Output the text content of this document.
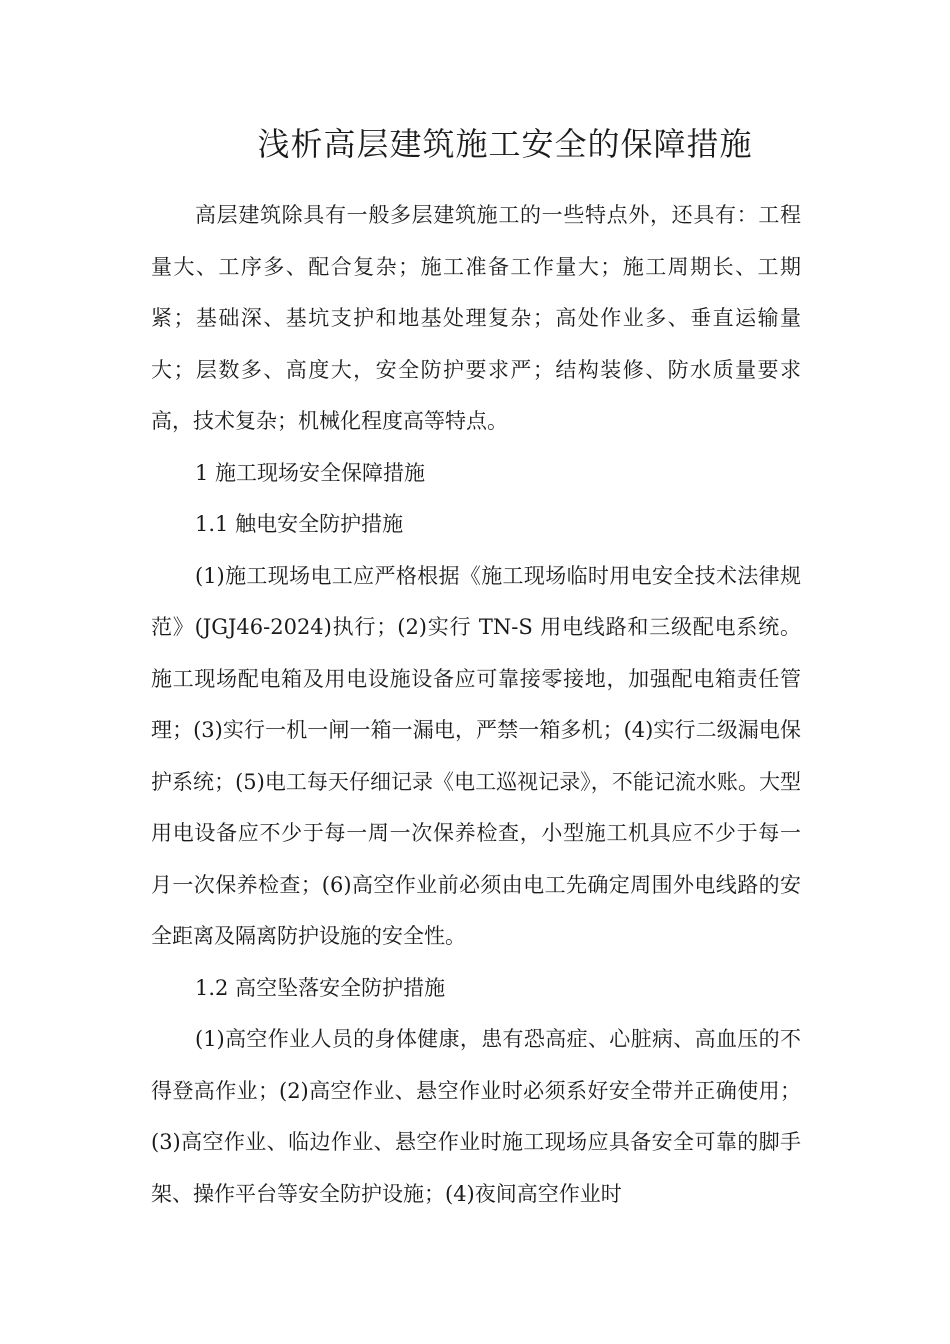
浅析高层建筑施工安全的保障措施

高层建筑除具有一般多层建筑施工的一些特点外，还具有：工程量大、工序多、配合复杂；施工准备工作量大；施工周期长、工期紧；基础深、基坑支护和地基处理复杂；高处作业多、垂直运输量大；层数多、高度大，安全防护要求严；结构装修、防水质量要求高，技术复杂；机械化程度高等特点。

1 施工现场安全保障措施

1.1 触电安全防护措施

(1)施工现场电工应严格根据《施工现场临时用电安全技术法律规范》(JGJ46-2024)执行；(2)实行 TN-S 用电线路和三级配电系统。施工现场配电箱及用电设施设备应可靠接零接地，加强配电箱责任管理；(3)实行一机一闸一箱一漏电，严禁一箱多机；(4)实行二级漏电保护系统；(5)电工每天仔细记录《电工巡视记录》，不能记流水账。大型用电设备应不少于每一周一次保养检查，小型施工机具应不少于每一月一次保养检查；(6)高空作业前必须由电工先确定周围外电线路的安全距离及隔离防护设施的安全性。

1.2 高空坠落安全防护措施

(1)高空作业人员的身体健康，患有恐高症、心脏病、高血压的不得登高作业；(2)高空作业、悬空作业时必须系好安全带并正确使用；(3)高空作业、临边作业、悬空作业时施工现场应具备安全可靠的脚手架、操作平台等安全防护设施；(4)夜间高空作业时
